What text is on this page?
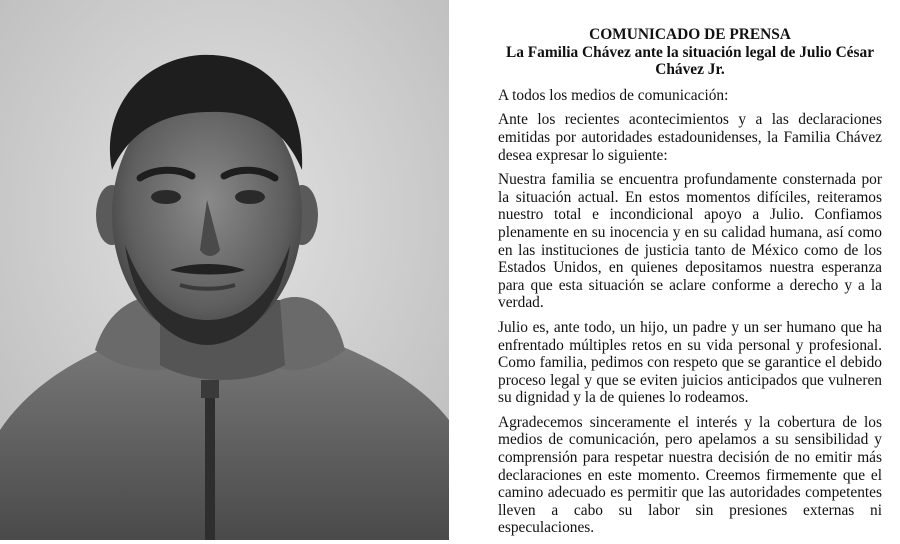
COMUNICADO DE PRENSA
La Familia Chávez ante la situación legal de Julio César Chávez Jr.

A todos los medios de comunicación:

Ante los recientes acontecimientos y a las declaraciones emitidas por autoridades estadounidenses, la Familia Chávez desea expresar lo siguiente:

Nuestra familia se encuentra profundamente consternada por la situación actual. En estos momentos difíciles, reiteramos nuestro total e incondicional apoyo a Julio. Confiamos plenamente en su inocencia y en su calidad humana, así como en las instituciones de justicia tanto de México como de los Estados Unidos, en quienes depositamos nuestra esperanza para que esta situación se aclare conforme a derecho y a la verdad.

Julio es, ante todo, un hijo, un padre y un ser humano que ha enfrentado múltiples retos en su vida personal y profesional. Como familia, pedimos con respeto que se garantice el debido proceso legal y que se eviten juicios anticipados que vulneren su dignidad y la de quienes lo rodeamos.

Agradecemos sinceramente el interés y la cobertura de los medios de comunicación, pero apelamos a su sensibilidad y comprensión para respetar nuestra decisión de no emitir más declaraciones en este momento. Creemos firmemente que el camino adecuado es permitir que las autoridades competentes lleven a cabo su labor sin presiones externas ni especulaciones.
